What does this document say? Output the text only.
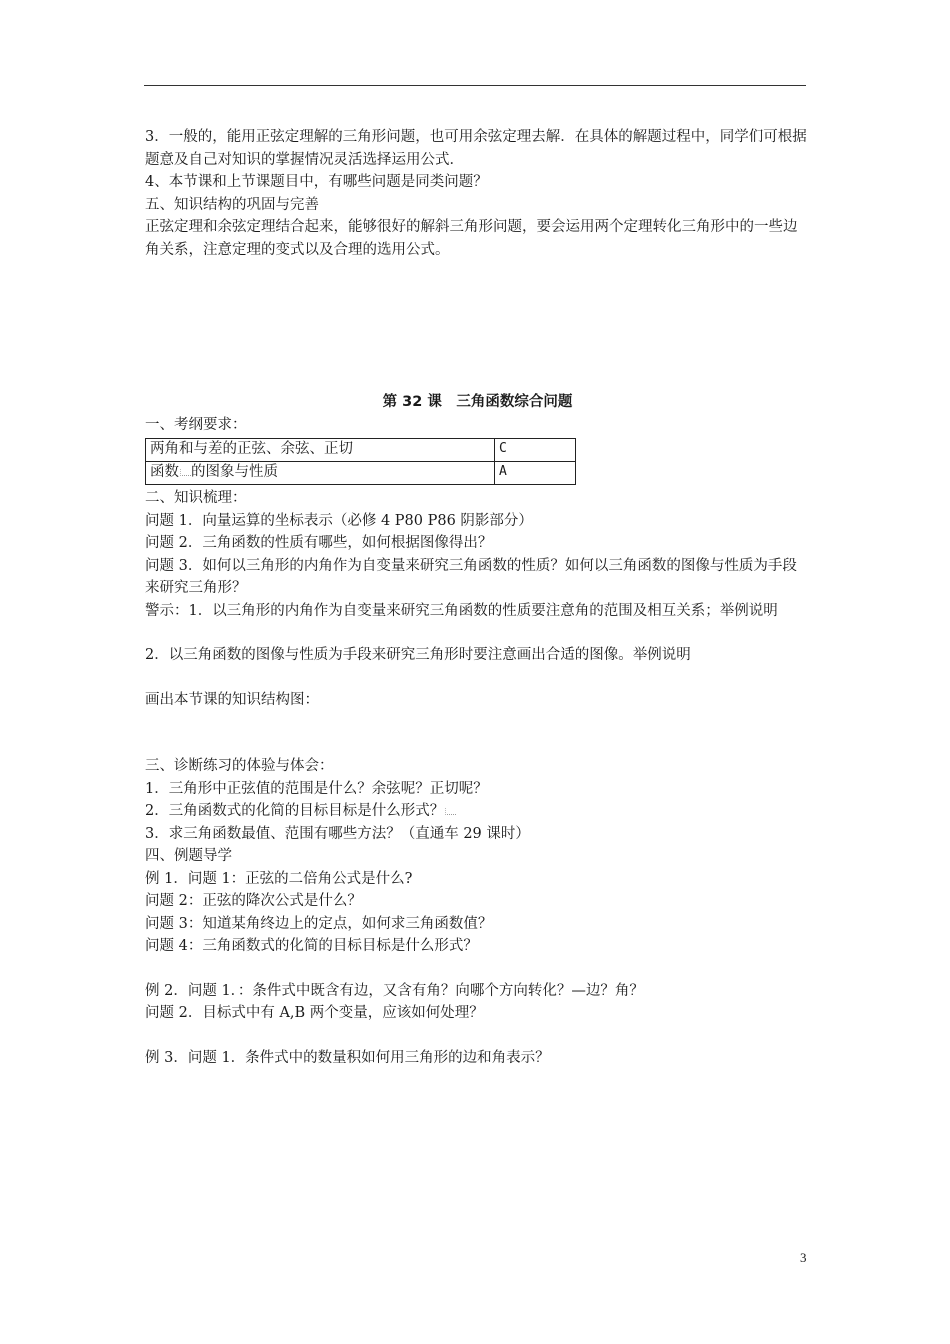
3．一般的，能用正弦定理解的三角形问题，也可用余弦定理去解．在具体的解题过程中，同学们可根据题意及自己对知识的掌握情况灵活选择运用公式．

4、本节课和上节课题目中，有哪些问题是同类问题？

五、知识结构的巩固与完善

正弦定理和余弦定理结合起来，能够很好的解斜三角形问题，要会运用两个定理转化三角形中的一些边角关系，注意定理的变式以及合理的选用公式。

第 32 课　三角函数综合问题

一、考纲要求：

两角和与差的正弦、余弦、正切	C
函数 的图象与性质	A

二、知识梳理：

问题 1．向量运算的坐标表示（必修 4 P80 P86 阴影部分）

问题 2．三角函数的性质有哪些，如何根据图像得出？

问题 3．如何以三角形的内角作为自变量来研究三角函数的性质？如何以三角函数的图像与性质为手段来研究三角形？

警示：1．以三角形的内角作为自变量来研究三角函数的性质要注意角的范围及相互关系；举例说明

2．以三角函数的图像与性质为手段来研究三角形时要注意画出合适的图像。举例说明

画出本节课的知识结构图：

三、诊断练习的体验与体会：

1．三角形中正弦值的范围是什么？余弦呢？正切呢？

2．三角函数式的化简的目标目标是什么形式？

3．求三角函数最值、范围有哪些方法？（直通车 29 课时）

四、例题导学

例 1．问题 1：正弦的二倍角公式是什么?

问题 2：正弦的降次公式是什么？

问题 3：知道某角终边上的定点，如何求三角函数值？

问题 4：三角函数式的化简的目标目标是什么形式？

例 2．问题 1．：条件式中既含有边，又含有角？向哪个方向转化？—边？角？

问题 2．目标式中有 A,B 两个变量，应该如何处理？

例 3．问题 1．条件式中的数量积如何用三角形的边和角表示？

3
